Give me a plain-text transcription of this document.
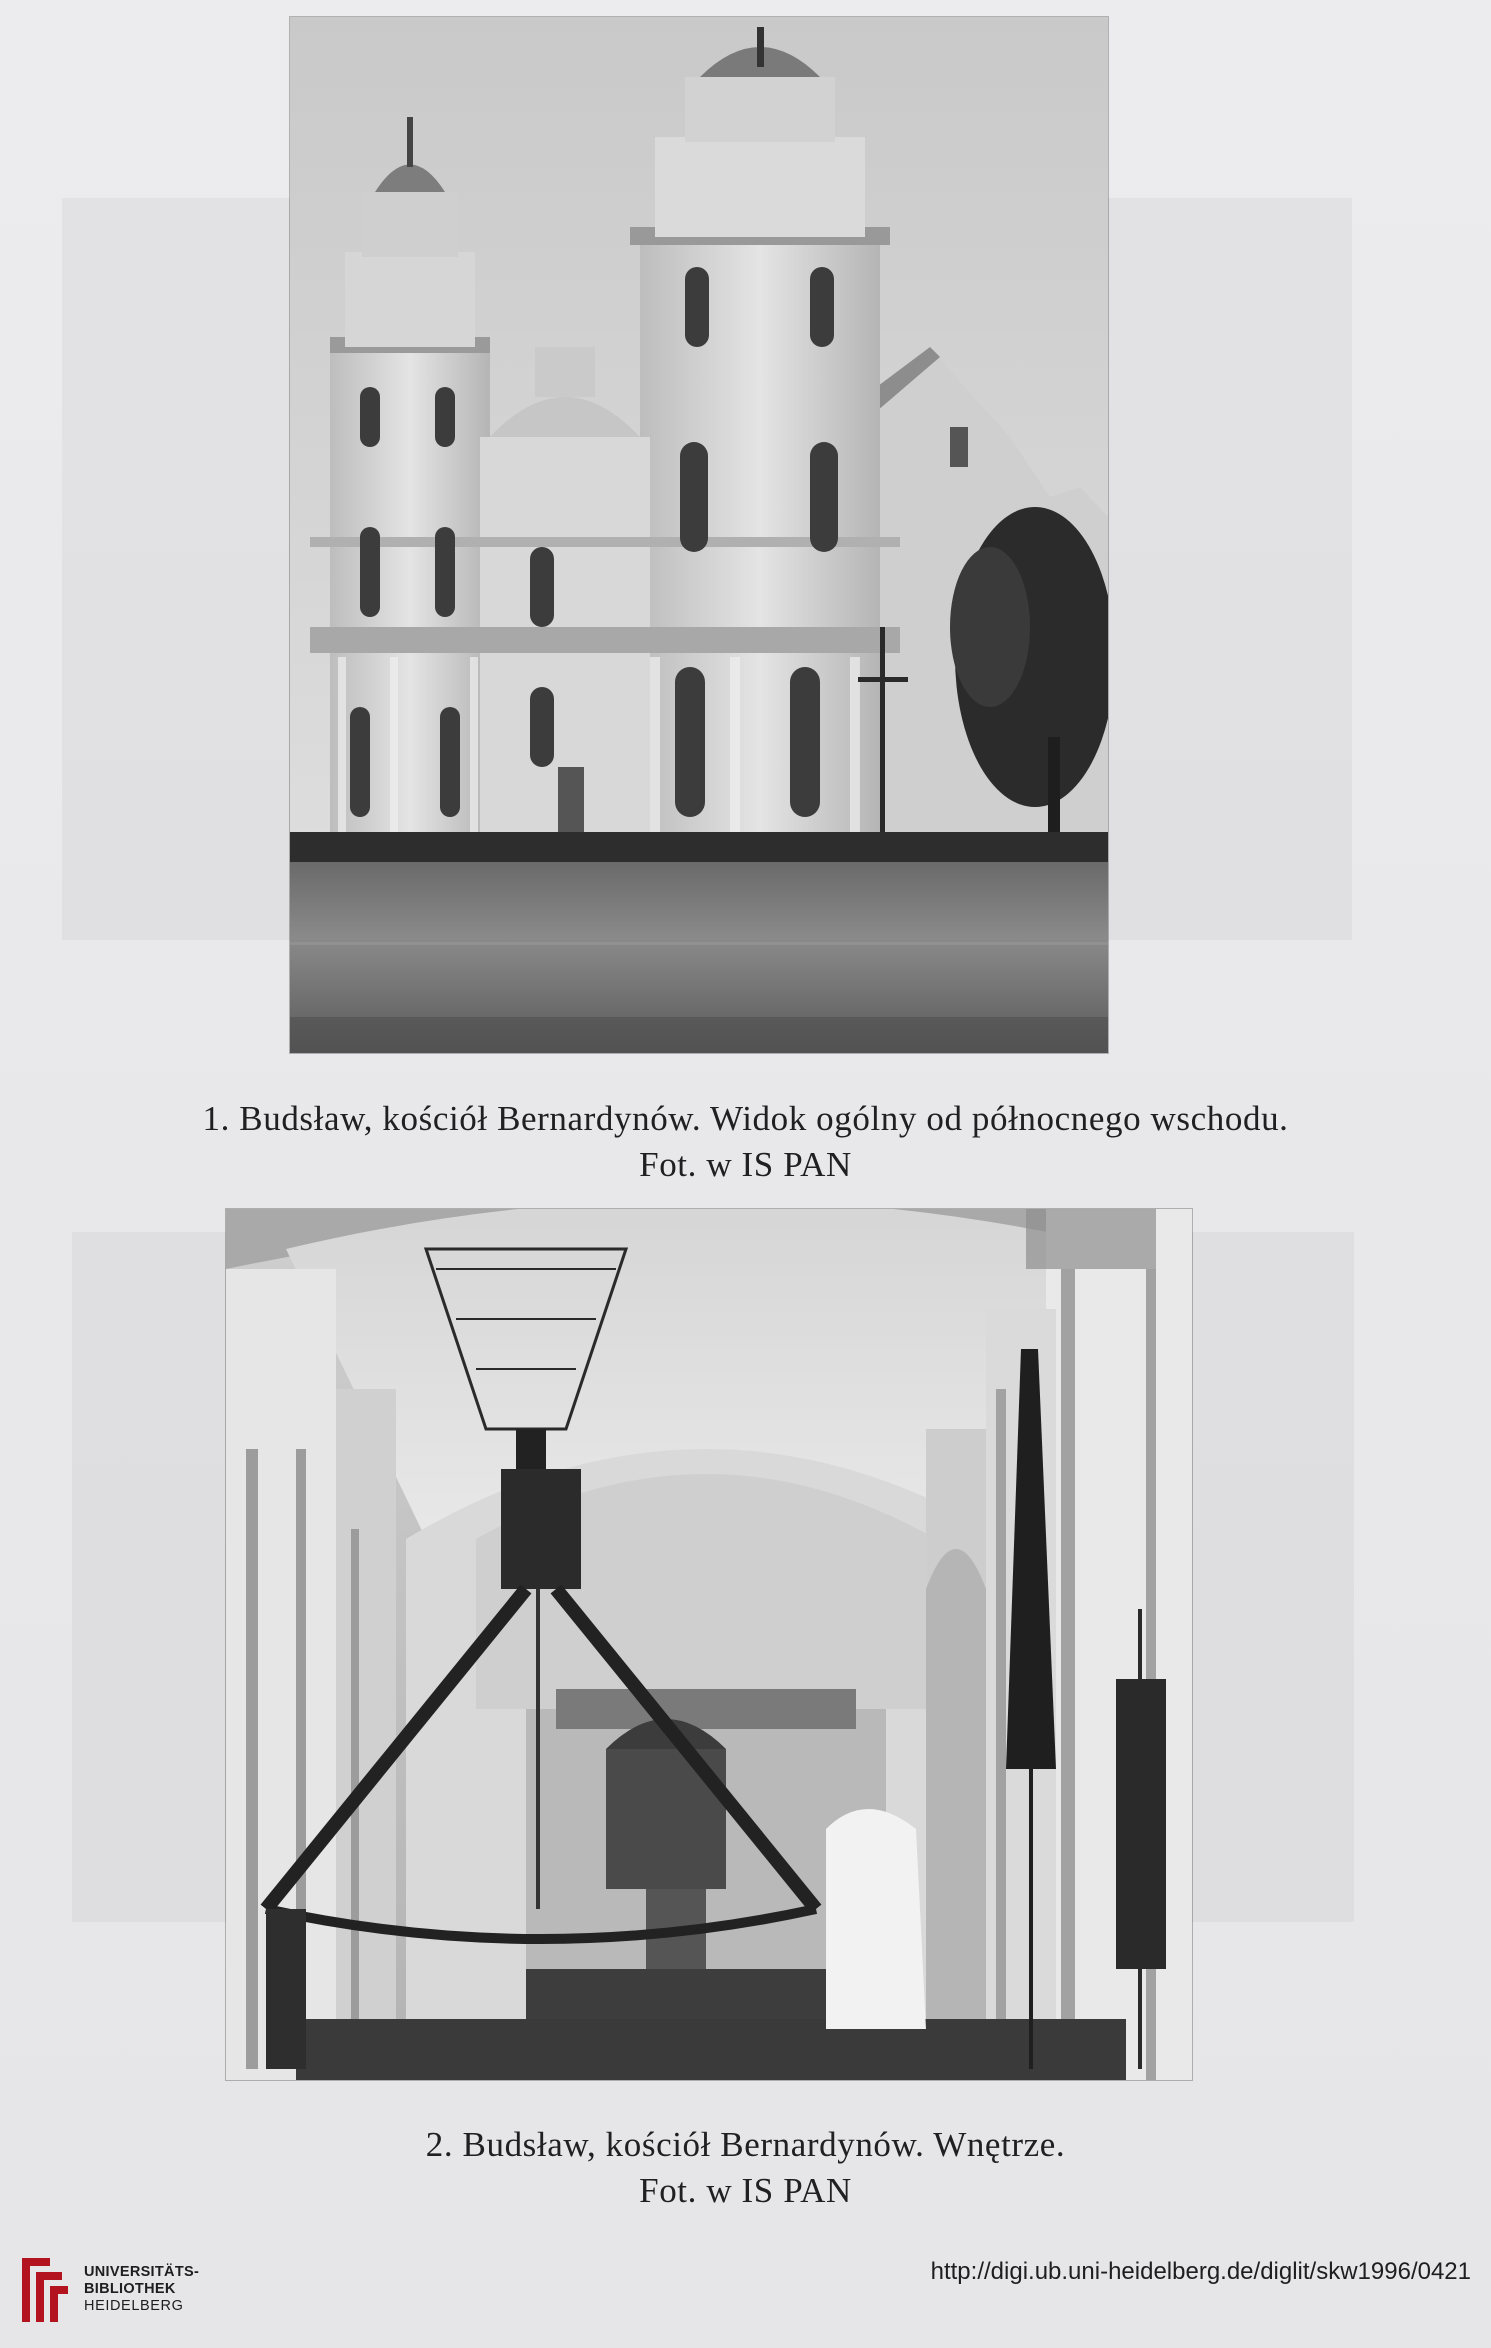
1. Budsław, kościół Bernardynów. Widok ogólny od północnego wschodu.
Fot. w IS PAN
2. Budsław, kościół Bernardynów. Wnętrze.
Fot. w IS PAN
UNIVERSITÄTS-
BIBLIOTHEK
HEIDELBERG
http://digi.ub.uni-heidelberg.de/diglit/skw1996/0421
